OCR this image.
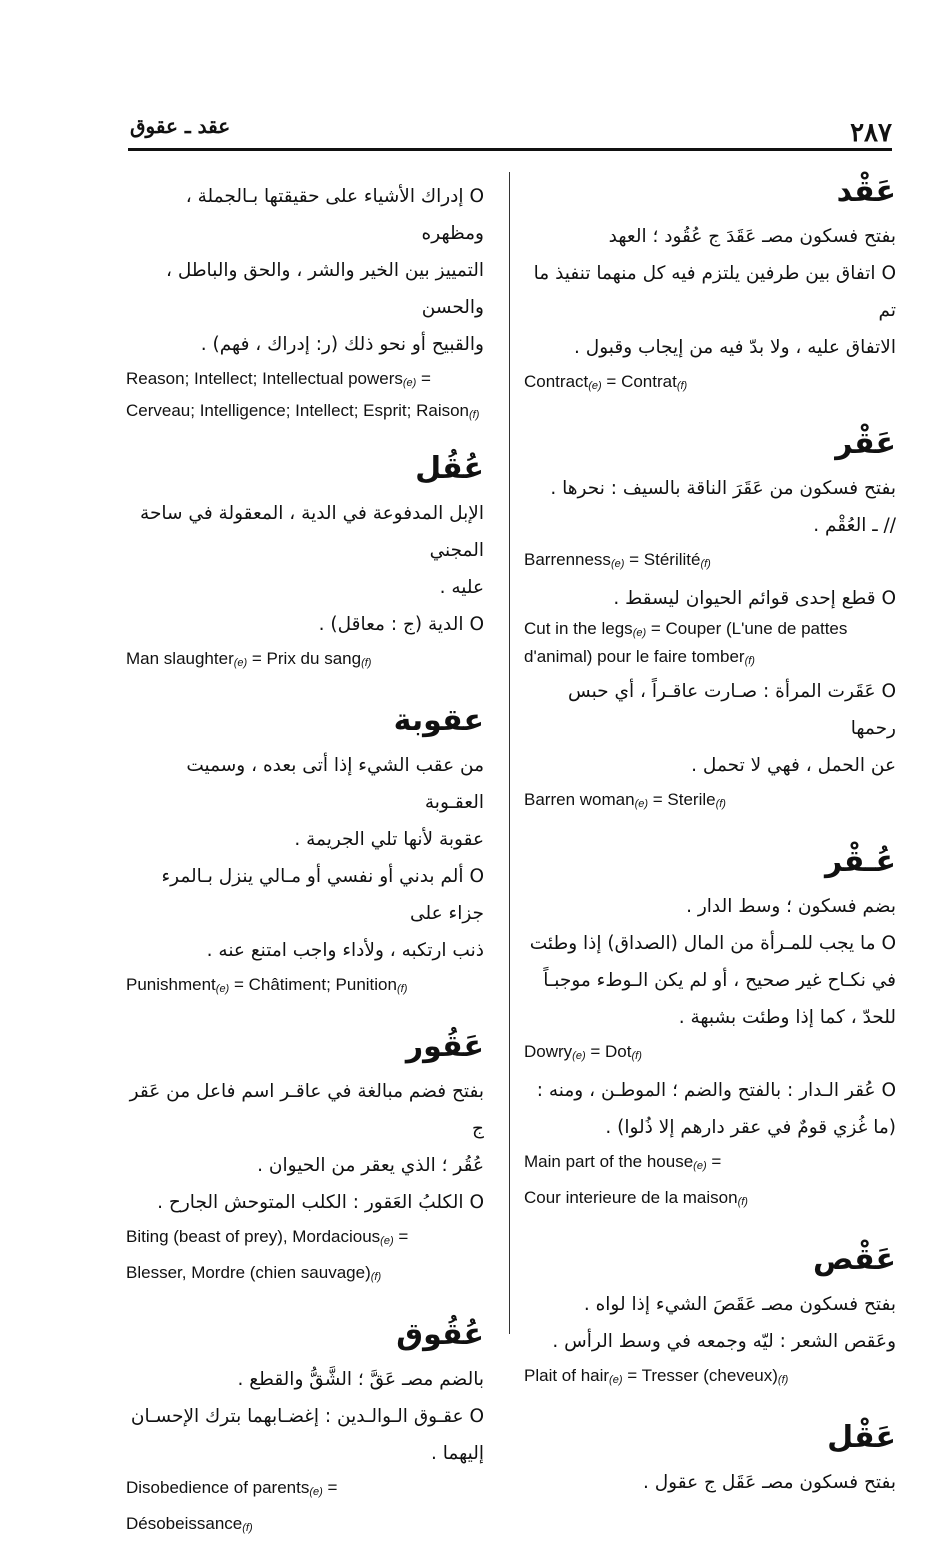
٢٨٧
عقد ـ عقوق
عَقْد
بفتح فسكون مصـ عَقَدَ ج عُقُود ؛ العهد
O اتفاق بين طرفين يلتزم فيه كل منهما تنفيذ ما تم
الاتفاق عليه ، ولا بدّ فيه من إيجاب وقبول .
Contract(e) = Contrat(f)
عَقْر
بفتح فسكون من عَقَرَ الناقة بالسيف : نحرها .
// ـ العُقْم .
Barrenness(e) = Stérilité(f)
O قطع إحدى قوائم الحيوان ليسقط .
Cut in the legs(e) = Couper (L'une de pattes d'animal) pour le faire tomber(f)
O عَقَرت المرأة : صـارت عاقـراً ، أي حبس رحمها
عن الحمل ، فهي لا تحمل .
Barren woman(e) = Sterile(f)
عُـقْر
بضم فسكون ؛ وسط الدار .
O ما يجب للمـرأة من المال (الصداق) إذا وطئت
في نكـاح غير صحيح ، أو لم يكن الـوطء موجبـاً
للحدّ ، كما إذا وطئت بشبهة .
Dowry(e) = Dot(f)
O عُقر الـدار : بالفتح والضم ؛ الموطـن ، ومنه :
(ما غُزي قومٌ في عقر دارهم إلا ذُلوا) .
Main part of the house(e) =
Cour interieure de la maison(f)
عَقْص
بفتح فسكون مصـ عَقَصَ الشيء إذا لواه .
وعَقص الشعر : ليّه وجمعه في وسط الرأس .
Plait of hair(e) = Tresser (cheveux)(f)
عَقْل
بفتح فسكون مصـ عَقَل ج عقول .
O إدراك الأشياء على حقيقتها بـالجملة ، ومظهره
التمييز بين الخير والشر ، والحق والباطل ، والحسن
والقبيح أو نحو ذلك (ر: إدراك ، فهم) .
Reason; Intellect; Intellectual powers(e) =
Cerveau; Intelligence; Intellect; Esprit; Raison(f)
عُقُل
الإبل المدفوعة في الدية ، المعقولة في ساحة المجني
عليه .
O الدية (ج : معاقل) .
Man slaughter(e) = Prix du sang(f)
عقوبة
من عقب الشيء إذا أتى بعده ، وسميت العقـوبة
عقوبة لأنها تلي الجريمة .
O ألم بدني أو نفسي أو مـالي ينزل بـالمرء جزاء على
ذنب ارتكبه ، ولأداء واجب امتنع عنه .
Punishment(e) = Châtiment; Punition(f)
عَقُور
بفتح فضم مبالغة في عاقـر اسم فاعل من عَقر ج
عُقُر ؛ الذي يعقر من الحيوان .
O الكلبُ العَقور : الكلب المتوحش الجارح .
Biting (beast of prey), Mordacious(e) =
Blesser, Mordre (chien sauvage)(f)
عُقُوق
بالضم مصـ عَقَّ ؛ الشَّقُّ والقطع .
O عقـوق الـوالـدين : إغضـابهما بترك الإحسـان
إليهما .
Disobedience of parents(e) =
Désobeissance(f)
